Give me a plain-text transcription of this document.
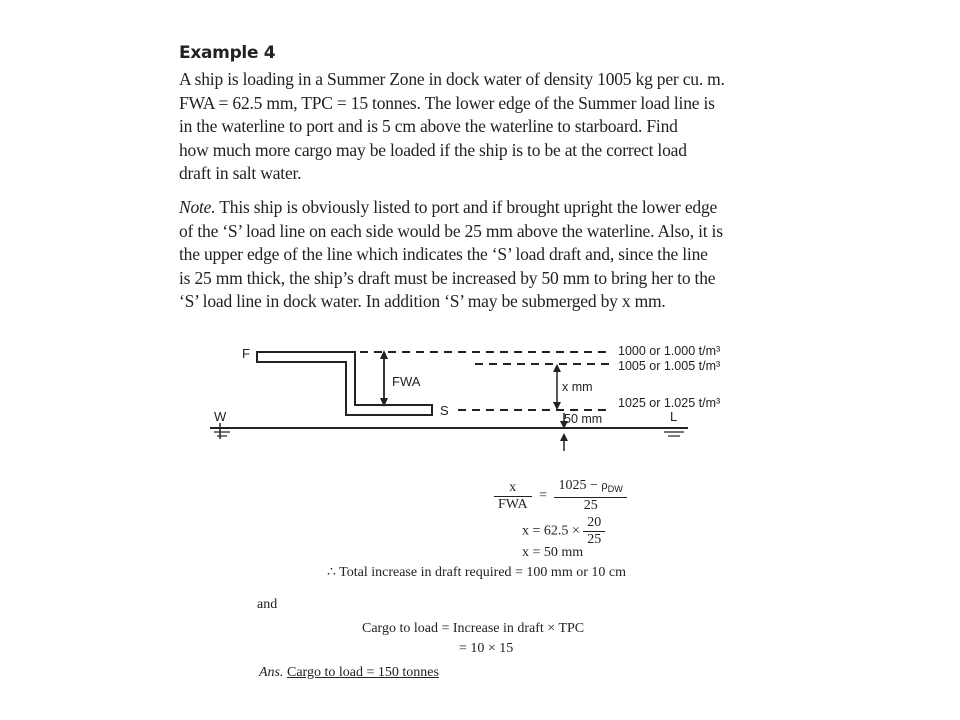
Example 4
A ship is loading in a Summer Zone in dock water of density 1005 kg per cu. m.
FWA = 62.5 mm, TPC = 15 tonnes. The lower edge of the Summer load line is
in the waterline to port and is 5 cm above the waterline to starboard. Find
how much more cargo may be loaded if the ship is to be at the correct load
draft in salt water.
Note. This ship is obviously listed to port and if brought upright the lower edge
of the ‘S’ load line on each side would be 25 mm above the waterline. Also, it is
the upper edge of the line which indicates the ‘S’ load draft and, since the line
is 25 mm thick, the ship’s draft must be increased by 50 mm to bring her to the
‘S’ load line in dock water. In addition ‘S’ may be submerged by x mm.
FWA
F
S
x mm
50 mm
W	L
1000 or 1.000 t/m³
1005 or 1.005 t/m³
1025 or 1.025 t/m³
$\frac{x}{\text{FWA}} = \frac{1025 - \rho_{DW}}{25}$
$x = 62.5 \times \frac{20}{25}$
x = 50 mm
∴ Total increase in draft required = 100 mm or 10 cm
and
Cargo to load = Increase in draft × TPC
= 10 × 15
Ans. Cargo to load = 150 tonnes
